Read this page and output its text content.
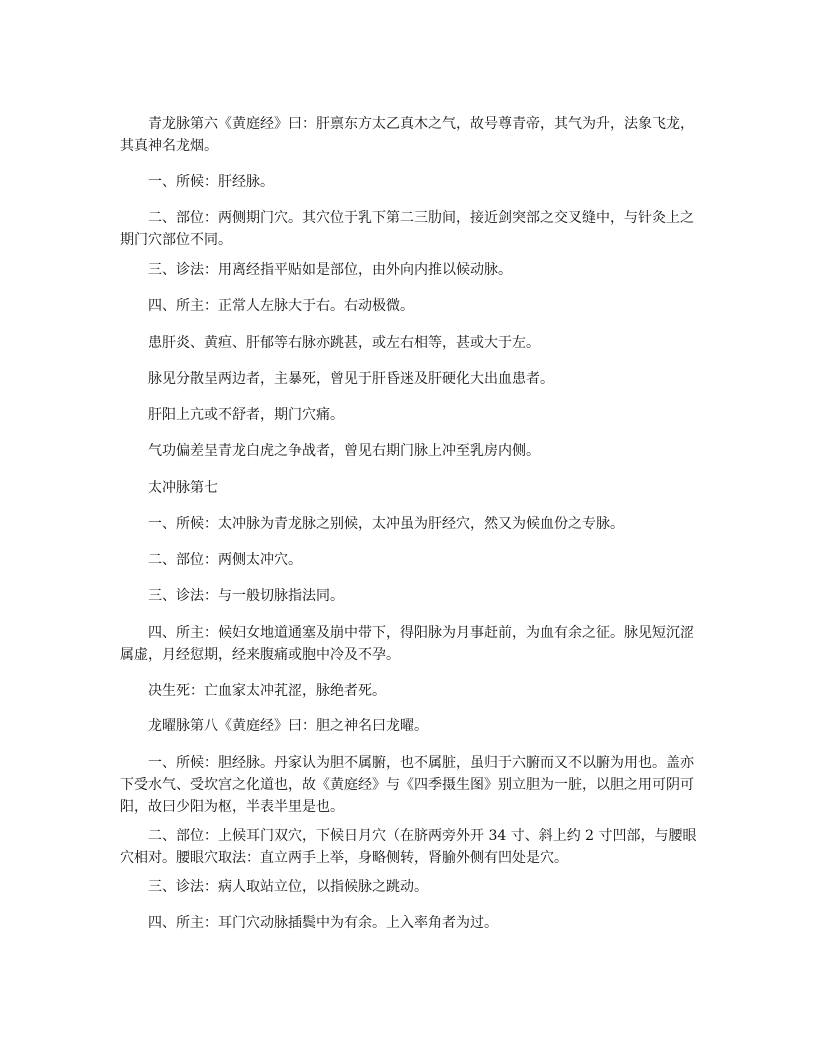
青龙脉第六《黄庭经》曰：肝禀东方太乙真木之气，故号尊青帝，其气为升，法象飞龙，其真神名龙烟。

一、所候：肝经脉。

二、部位：两侧期门穴。其穴位于乳下第二三肋间，接近剑突部之交叉缝中，与针灸上之期门穴部位不同。

三、诊法：用离经指平贴如是部位，由外向内推以候动脉。

四、所主：正常人左脉大于右。右动极微。

患肝炎、黄疸、肝郁等右脉亦跳甚，或左右相等，甚或大于左。

脉见分散呈两边者，主暴死，曾见于肝昏迷及肝硬化大出血患者。

肝阳上亢或不舒者，期门穴痛。

气功偏差呈青龙白虎之争战者，曾见右期门脉上冲至乳房内侧。

太冲脉第七

一、所候：太冲脉为青龙脉之别候，太冲虽为肝经穴，然又为候血份之专脉。

二、部位：两侧太冲穴。

三、诊法：与一般切脉指法同。

四、所主：候妇女地道通塞及崩中带下，得阳脉为月事赶前，为血有余之征。脉见短沉涩属虚，月经愆期，经来腹痛或胞中冷及不孕。

决生死：亡血家太冲芤涩，脉绝者死。

龙曜脉第八《黄庭经》曰：胆之神名曰龙曜。

一、所候：胆经脉。丹家认为胆不属腑，也不属脏，虽归于六腑而又不以腑为用也。盖亦下受水气、受坎宫之化道也，故《黄庭经》与《四季摄生图》别立胆为一脏，以胆之用可阴可阳，故曰少阳为枢，半表半里是也。

二、部位：上候耳门双穴，下候日月穴（在脐两旁外开 34 寸、斜上约 2 寸凹部，与腰眼穴相对。腰眼穴取法：直立两手上举，身略侧转，肾腧外侧有凹处是穴。

三、诊法：病人取站立位，以指候脉之跳动。

四、所主：耳门穴动脉插鬓中为有余。上入率角者为过。
